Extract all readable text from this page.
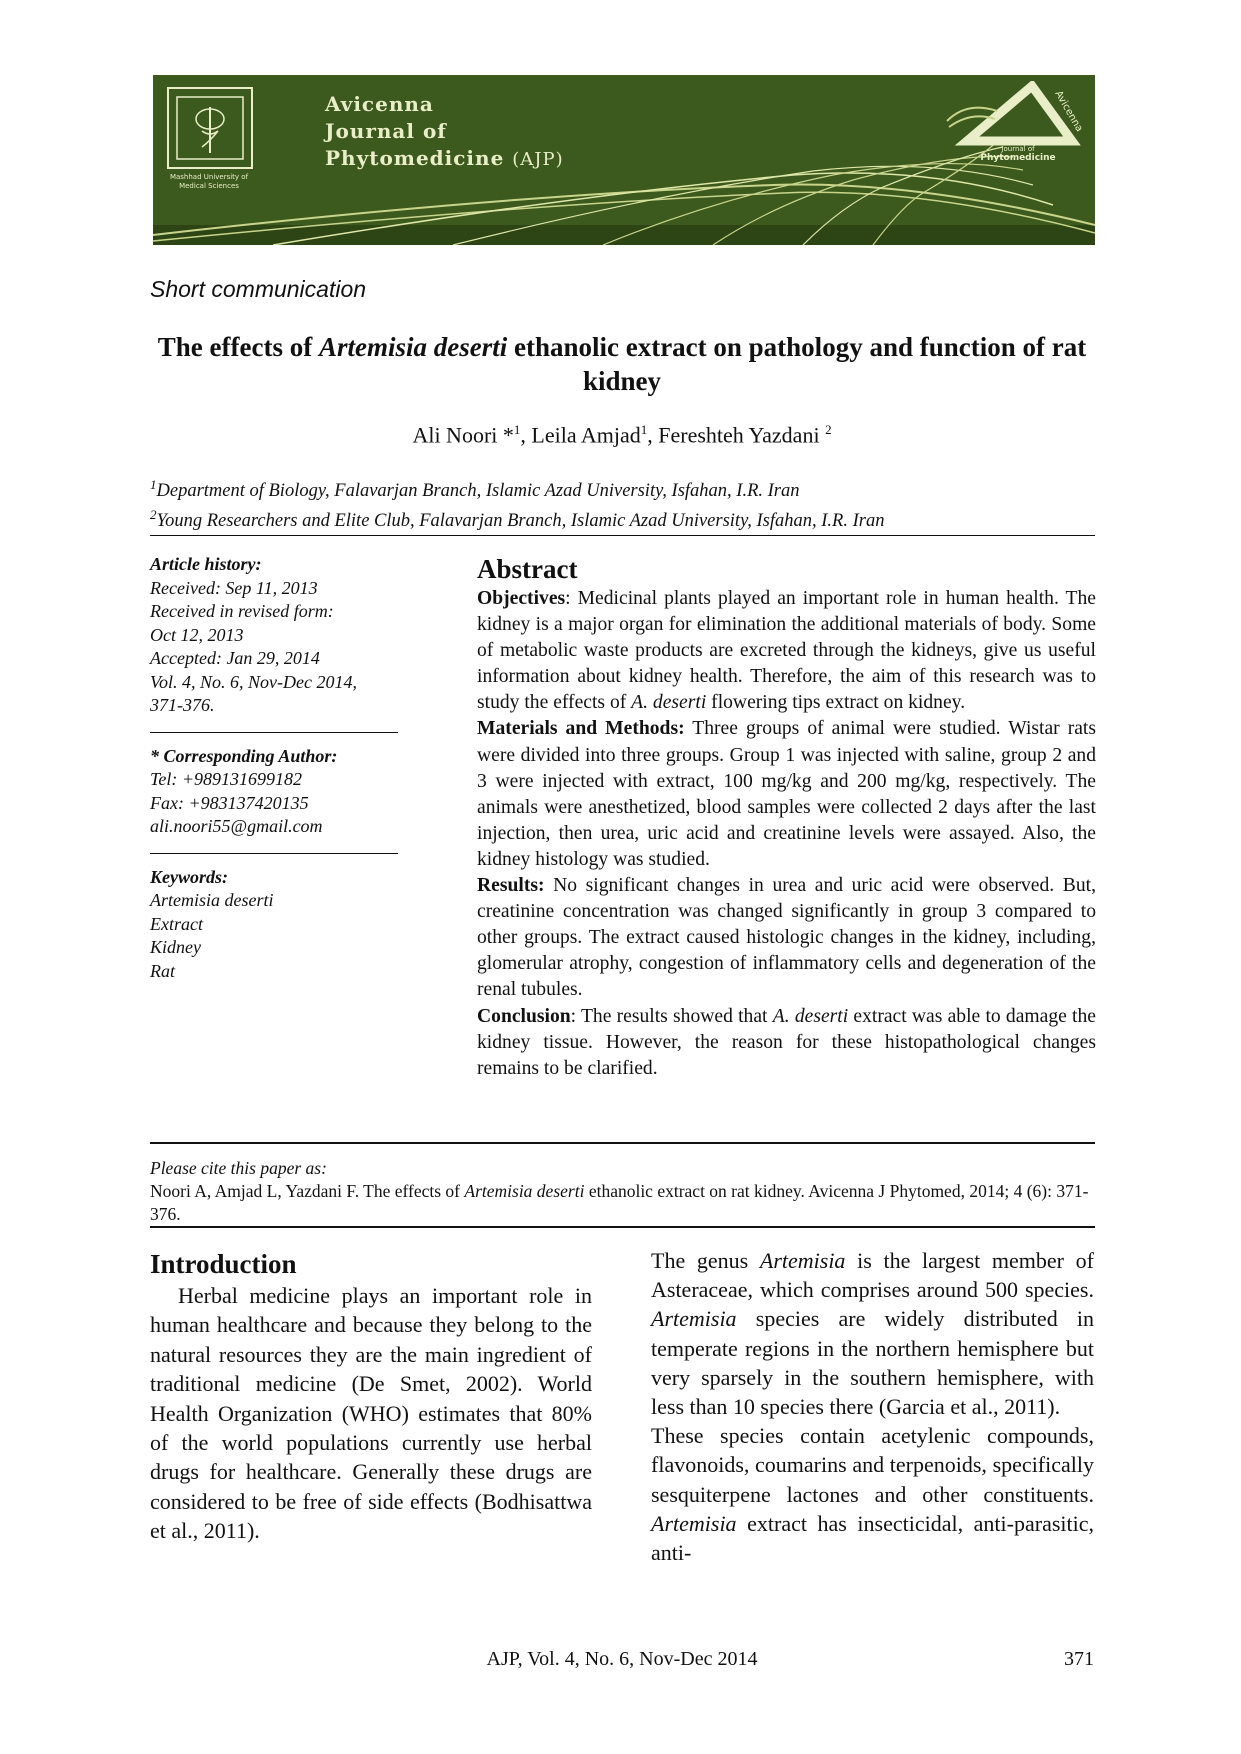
Mashhad University of Medical Sciences
Avicenna
Journal of
Phytomedicine (AJP)
Avicenna
Journal of
Phytomedicine
Short communication
The effects of Artemisia deserti ethanolic extract on pathology and function of rat kidney
Ali Noori *$^1$, Leila Amjad$^1$, Fereshteh Yazdani $^2$
$^1$Department of Biology, Falavarjan Branch, Islamic Azad University, Isfahan, I.R. Iran
$^2$Young Researchers and Elite Club, Falavarjan Branch, Islamic Azad University, Isfahan, I.R. Iran
Article history:
Received: Sep 11, 2013
Received in revised form:
Oct 12, 2013
Accepted: Jan 29, 2014
Vol. 4, No. 6, Nov-Dec 2014,
371-376.
* Corresponding Author:
Tel: +989131699182
Fax: +983137420135
ali.noori55@gmail.com
Keywords:
Artemisia deserti
Extract
Kidney
Rat
Abstract

Objectives: Medicinal plants played an important role in human health. The kidney is a major organ for elimination the additional materials of body. Some of metabolic waste products are excreted through the kidneys, give us useful information about kidney health. Therefore, the aim of this research was to study the effects of A. deserti flowering tips extract on kidney.

Materials and Methods: Three groups of animal were studied. Wistar rats were divided into three groups. Group 1 was injected with saline, group 2 and 3 were injected with extract, 100 mg/kg and 200 mg/kg, respectively. The animals were anesthetized, blood samples were collected 2 days after the last injection, then urea, uric acid and creatinine levels were assayed. Also, the kidney histology was studied.

Results: No significant changes in urea and uric acid were observed. But, creatinine concentration was changed significantly in group 3 compared to other groups. The extract caused histologic changes in the kidney, including, glomerular atrophy, congestion of inflammatory cells and degeneration of the renal tubules.

Conclusion: The results showed that A. deserti extract was able to damage the kidney tissue. However, the reason for these histopathological changes remains to be clarified.

Please cite this paper as:
Noori A, Amjad L, Yazdani F. The effects of Artemisia deserti ethanolic extract on rat kidney. Avicenna J Phytomed, 2014; 4 (6): 371-376.
Introduction

Herbal medicine plays an important role in human healthcare and because they belong to the natural resources they are the main ingredient of traditional medicine (De Smet, 2002). World Health Organization (WHO) estimates that 80% of the world populations currently use herbal drugs for healthcare. Generally these drugs are considered to be free of side effects (Bodhisattwa et al., 2011).

The genus Artemisia is the largest member of Asteraceae, which comprises around 500 species. Artemisia species are widely distributed in temperate regions in the northern hemisphere but very sparsely in the southern hemisphere, with less than 10 species there (Garcia et al., 2011).

These species contain acetylenic compounds, flavonoids, coumarins and terpenoids, specifically sesquiterpene lactones and other constituents. Artemisia extract has insecticidal, anti-parasitic, anti-

AJP, Vol. 4, No. 6, Nov-Dec 2014	371
